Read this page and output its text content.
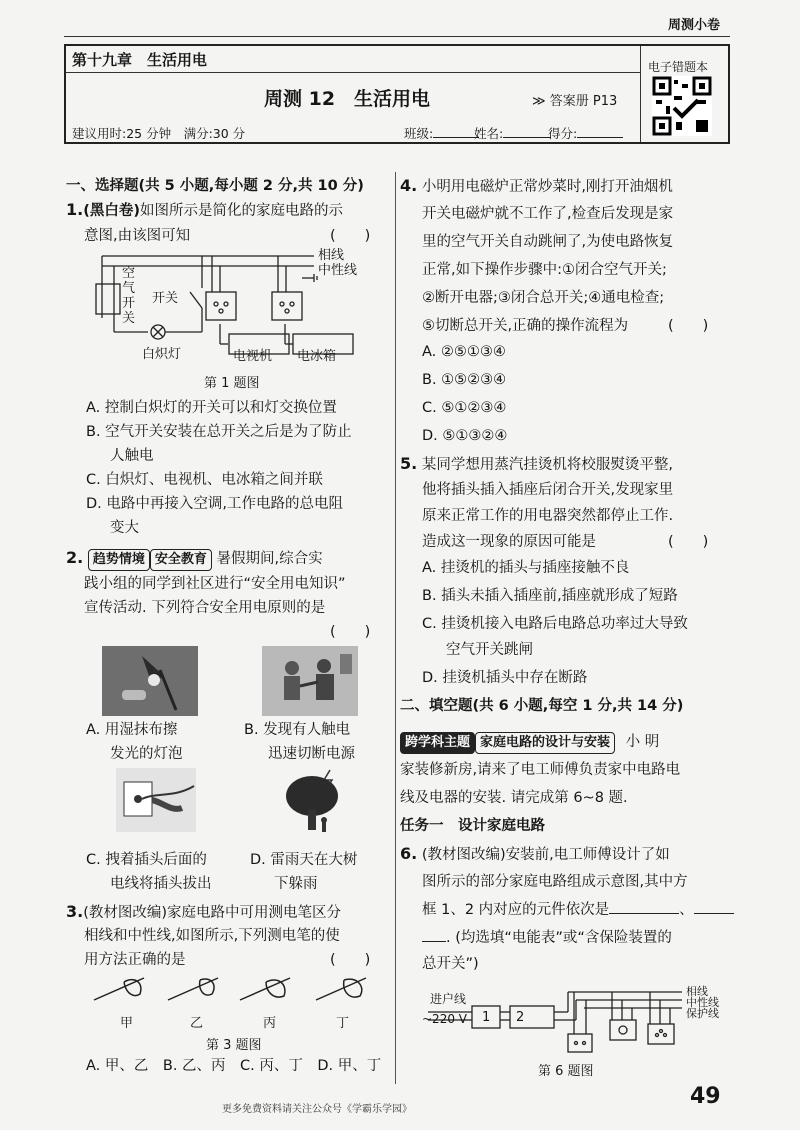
周测小卷
第十九章　生活用电
周测 12　生活用电	≫ 答案册 P13
建议用时:25 分钟　满分:30 分	班级:	姓名:	得分:
电子错题本
一、选择题(共 5 小题,每小题 2 分,共 10 分)
1.(黑白卷)如图所示是简化的家庭电路的示
意图,由该图可知	(　　)
相线
中性线
空气开关
开关
白炽灯	电视机 电冰箱
第 1 题图
A. 控制白炽灯的开关可以和灯交换位置
B. 空气开关安装在总开关之后是为了防止
人触电
C. 白炽灯、电视机、电冰箱之间并联
D. 电路中再接入空调,工作电路的总电阻
变大
2. 趋势情境 安全教育 暑假期间,综合实
践小组的同学到社区进行“安全用电知识”
宣传活动. 下列符合安全用电原则的是
(　　)
A. 用湿抹布擦
发光的灯泡
B. 发现有人触电
迅速切断电源
C. 拽着插头后面的
电线将插头拔出
D. 雷雨天在大树
下躲雨
3.(教材图改编)家庭电路中可用测电笔区分
相线和中性线,如图所示,下列测电笔的使
用方法正确的是	(　　)
甲	乙	丙	丁
第 3 题图
A. 甲、乙　B. 乙、丙　C. 丙、丁　D. 甲、丁
4. 小明用电磁炉正常炒菜时,刚打开油烟机
开关电磁炉就不工作了,检查后发现是家
里的空气开关自动跳闸了,为使电路恢复
正常,如下操作步骤中:①闭合空气开关;
②断开电器;③闭合总开关;④通电检查;
⑤切断总开关,正确的操作流程为	(　　)
A. ②⑤①③④
B. ①⑤②③④
C. ⑤①②③④
D. ⑤①③②④
5. 某同学想用蒸汽挂烫机将校服熨烫平整,
他将插头插入插座后闭合开关,发现家里
原来正常工作的用电器突然都停止工作.
造成这一现象的原因可能是	(　　)
A. 挂烫机的插头与插座接触不良
B. 插头未插入插座前,插座就形成了短路
C. 挂烫机接入电路后电路总功率过大导致
空气开关跳闸
D. 挂烫机插头中存在断路
二、填空题(共 6 小题,每空 1 分,共 14 分)
跨学科主题 家庭电路的设计与安装 小 明
家装修新房,请来了电工师傅负责家中电路电
线及电器的安装. 请完成第 6~8 题.
任务一　设计家庭电路
6. (教材图改编)安装前,电工师傅设计了如
图所示的部分家庭电路组成示意图,其中方
框 1、2 内对应的元件依次是	、
. (均选填“电能表”或“含保险装置的
总开关”)
进户线
~220 V 1 2
相线
中性线
保护线
第 6 题图
49
更多免费资料请关注公众号《学霸乐学园》
